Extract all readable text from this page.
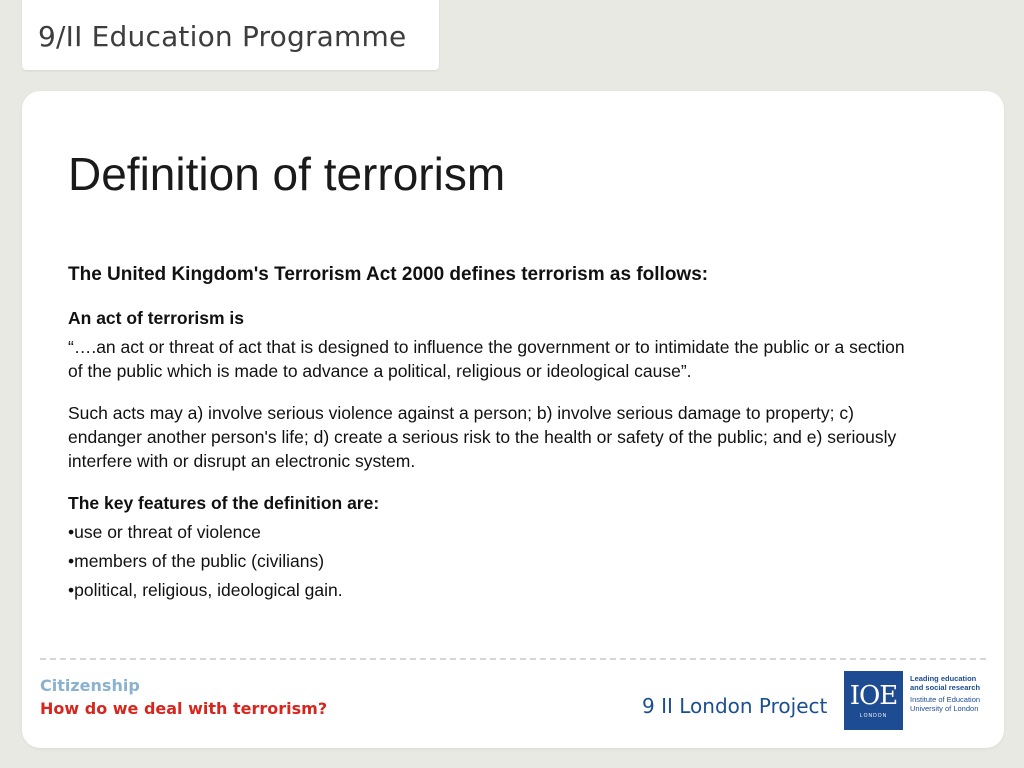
9/II Education Programme
Definition of terrorism

The United Kingdom's Terrorism Act 2000 defines terrorism as follows:

An act of terrorism is

“….an act or threat of act that is designed to influence the government or to intimidate the public or a section of the public which is made to advance a political, religious or ideological cause”.

Such acts may a) involve serious violence against a person; b) involve serious damage to property; c) endanger another person's life; d) create a serious risk to the health or safety of the public; and e) seriously interfere with or disrupt an electronic system.

The key features of the definition are:

•use or threat of violence
•members of the public (civilians)
•political, religious, ideological gain.
Citizenship
How do we deal with terrorism?	9 II London Project IOE
LONDON
Leading education
and social research
Institute of Education
University of London
